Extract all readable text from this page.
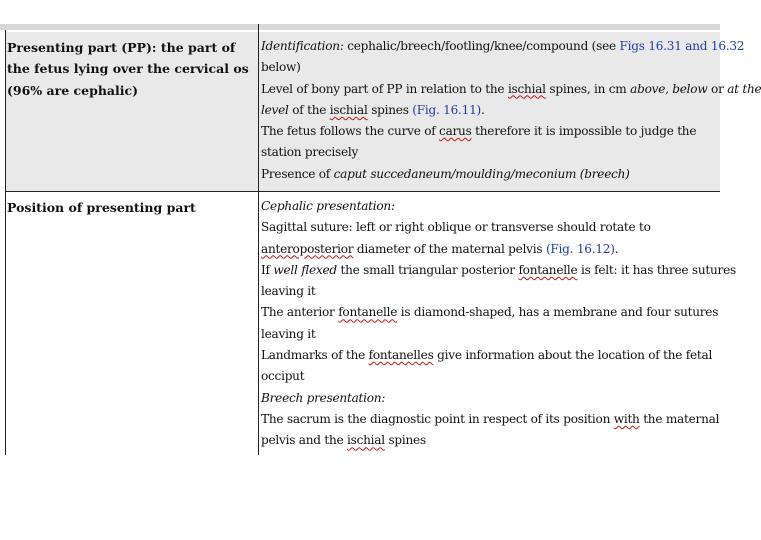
Presenting part (PP): the part of the fetus lying over the cervical os (96% are cephalic)
Identification: cephalic/breech/footling/knee/compound (see Figs 16.31 and 16.32
below)
Level of bony part of PP in relation to the ischial spines, in cm above, below or at the
level of the ischial spines (Fig. 16.11).
The fetus follows the curve of carus therefore it is impossible to judge the
station precisely
Presence of caput succedaneum/moulding/meconium (breech)
Position of presenting part	Cephalic presentation:
Sagittal suture: left or right oblique or transverse should rotate to
anteroposterior diameter of the maternal pelvis (Fig. 16.12).
If well flexed the small triangular posterior fontanelle is felt: it has three sutures
leaving it
The anterior fontanelle is diamond-shaped, has a membrane and four sutures
leaving it
Landmarks of the fontanelles give information about the location of the fetal
occiput
Breech presentation:
The sacrum is the diagnostic point in respect of its position with the maternal
pelvis and the ischial spines
